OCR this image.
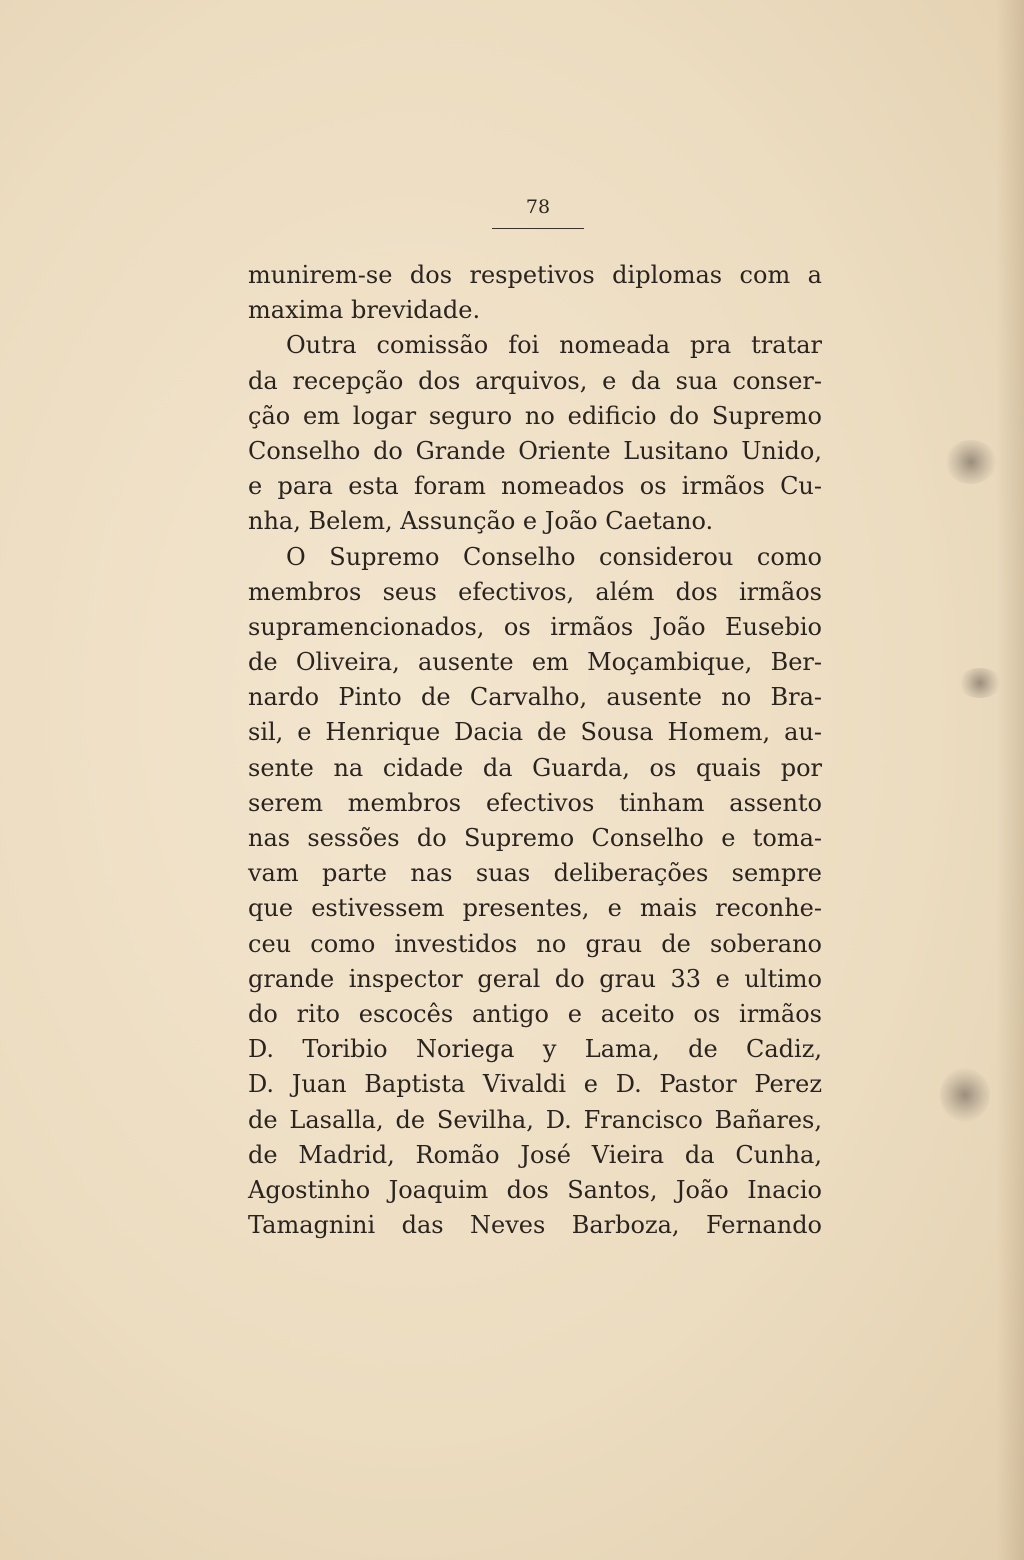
78
munirem-se dos respetivos diplomas com a
maxima brevidade.
Outra comissão foi nomeada pra tratar
da recepção dos arquivos, e da sua conser-
ção em logar seguro no edificio do Supremo
Conselho do Grande Oriente Lusitano Unido,
e para esta foram nomeados os irmãos Cu-
nha, Belem, Assunção e João Caetano.
O Supremo Conselho considerou como
membros seus efectivos, além dos irmãos
supramencionados, os irmãos João Eusebio
de Oliveira, ausente em Moçambique, Ber-
nardo Pinto de Carvalho, ausente no Bra-
sil, e Henrique Dacia de Sousa Homem, au-
sente na cidade da Guarda, os quais por
serem membros efectivos tinham assento
nas sessões do Supremo Conselho e toma-
vam parte nas suas deliberações sempre
que estivessem presentes, e mais reconhe-
ceu como investidos no grau de soberano
grande inspector geral do grau 33 e ultimo
do rito escocês antigo e aceito os irmãos
D. Toribio Noriega y Lama, de Cadiz,
D. Juan Baptista Vivaldi e D. Pastor Perez
de Lasalla, de Sevilha, D. Francisco Bañares,
de Madrid, Romão José Vieira da Cunha,
Agostinho Joaquim dos Santos, João Inacio
Tamagnini das Neves Barboza, Fernando
